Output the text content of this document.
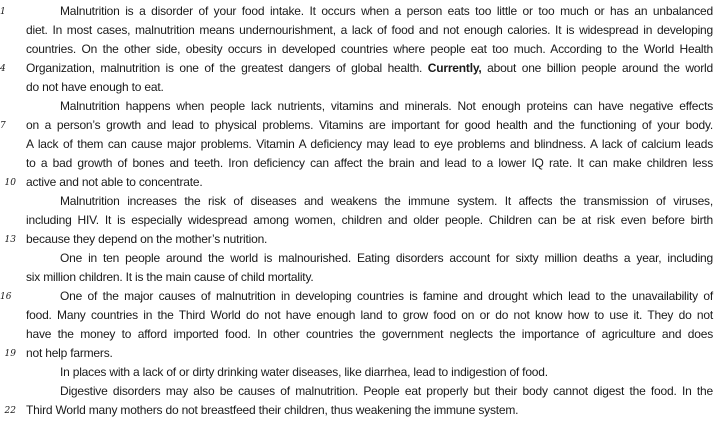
1	Malnutrition is a disorder of your food intake. It occurs when a person eats too little or too much or has an unbalanced
diet. In most cases, malnutrition means undernourishment, a lack of food and not enough calories. It is widespread in developing
countries. On the other side, obesity occurs in developed countries where people eat too much. According to the World Health
4	Organization, malnutrition is one of the greatest dangers of global health. Currently, about one billion people around the world
do not have enough to eat.
Malnutrition happens when people lack nutrients, vitamins and minerals. Not enough proteins can have negative effects
7	on a person’s growth and lead to physical problems. Vitamins are important for good health and the functioning of your body.
A lack of them can cause major problems. Vitamin A deficiency may lead to eye problems and blindness. A lack of calcium leads
to a bad growth of bones and teeth. Iron deficiency can affect the brain and lead to a lower IQ rate. It can make children less
10 active and not able to concentrate.
Malnutrition increases the risk of diseases and weakens the immune system. It affects the transmission of viruses,
including HIV. It is especially widespread among women, children and older people. Children can be at risk even before birth
13 because they depend on the mother’s nutrition.
One in ten people around the world is malnourished. Eating disorders account for sixty million deaths a year, including
six million children. It is the main cause of child mortality.
16	One of the major causes of malnutrition in developing countries is famine and drought which lead to the unavailability of
food. Many countries in the Third World do not have enough land to grow food on or do not know how to use it. They do not
have the money to afford imported food. In other countries the government neglects the importance of agriculture and does
19 not help farmers.
In places with a lack of or dirty drinking water diseases, like diarrhea, lead to indigestion of food.
Digestive disorders may also be causes of malnutrition. People eat properly but their body cannot digest the food. In the
22 Third World many mothers do not breastfeed their children, thus weakening the immune system.
